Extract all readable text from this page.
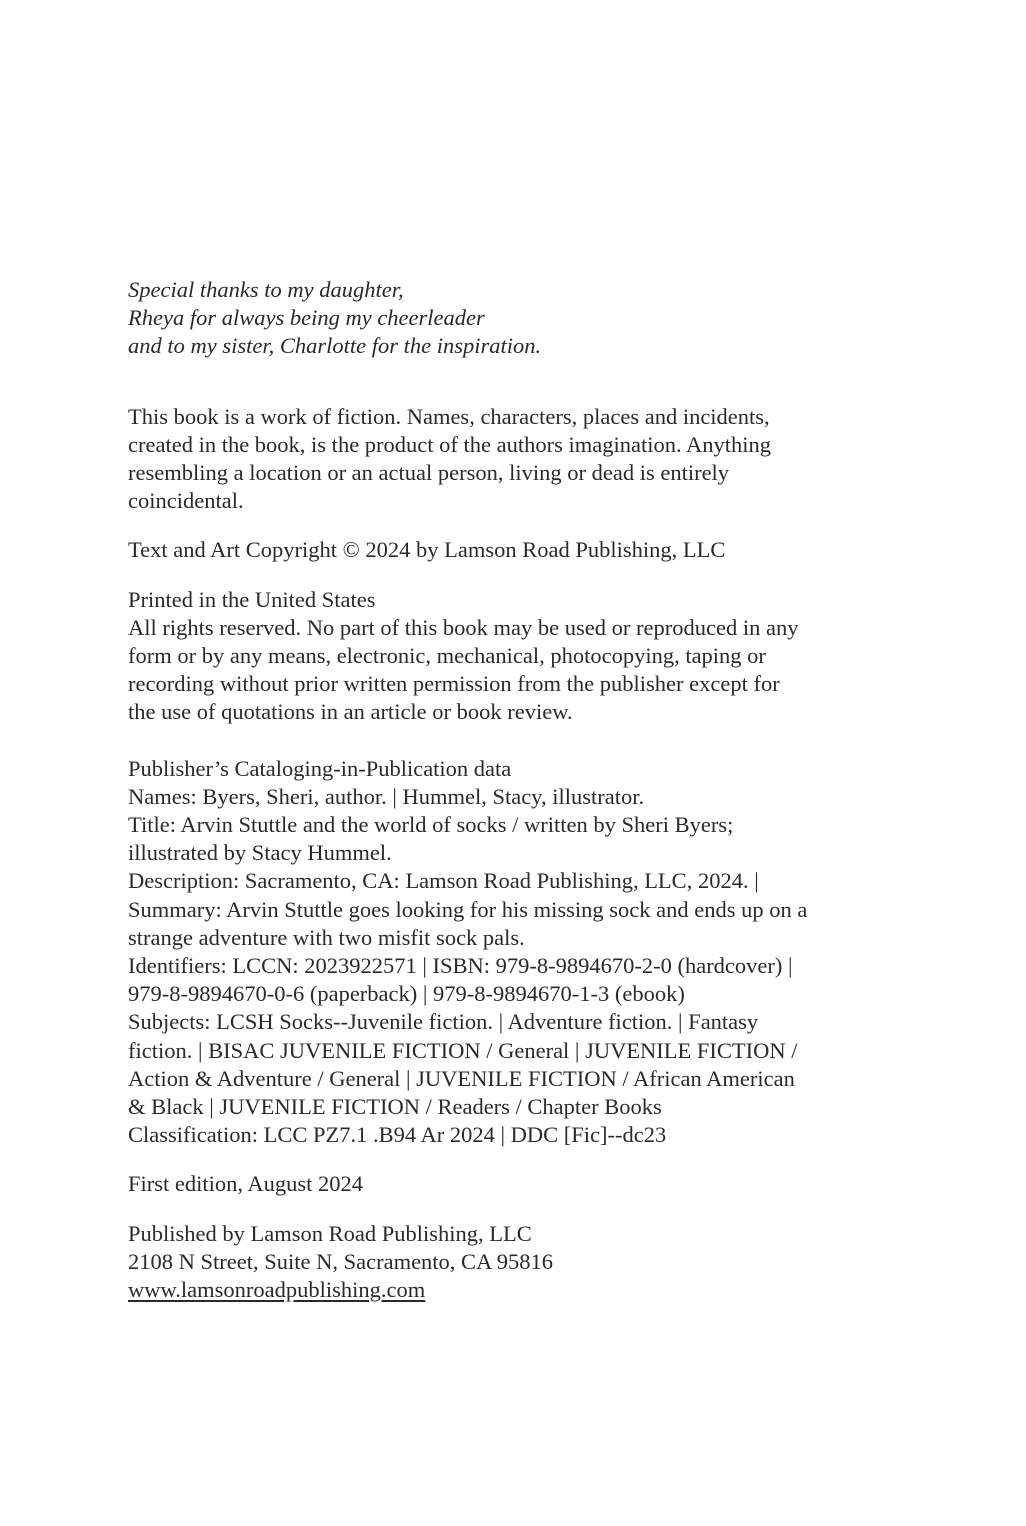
Special thanks to my daughter,
Rheya for always being my cheerleader
and to my sister, Charlotte for the inspiration.
This book is a work of fiction. Names, characters, places and incidents,
created in the book, is the product of the authors imagination. Anything
resembling a location or an actual person, living or dead is entirely
coincidental.
Text and Art Copyright © 2024 by Lamson Road Publishing, LLC
Printed in the United States
All rights reserved. No part of this book may be used or reproduced in any
form or by any means, electronic, mechanical, photocopying, taping or
recording without prior written permission from the publisher except for
the use of quotations in an article or book review.
Publisher’s Cataloging-in-Publication data
Names: Byers, Sheri, author. | Hummel, Stacy, illustrator.
Title: Arvin Stuttle and the world of socks / written by Sheri Byers;
illustrated by Stacy Hummel.
Description: Sacramento, CA: Lamson Road Publishing, LLC, 2024. |
Summary: Arvin Stuttle goes looking for his missing sock and ends up on a
strange adventure with two misfit sock pals.
Identifiers: LCCN: 2023922571 | ISBN: 979-8-9894670-2-0 (hardcover) |
979-8-9894670-0-6 (paperback) | 979-8-9894670-1-3 (ebook)
Subjects: LCSH Socks--Juvenile fiction. | Adventure fiction. | Fantasy
fiction. | BISAC JUVENILE FICTION / General | JUVENILE FICTION /
Action & Adventure / General | JUVENILE FICTION / African American
& Black | JUVENILE FICTION / Readers / Chapter Books
Classification: LCC PZ7.1 .B94 Ar 2024 | DDC [Fic]--dc23
First edition, August 2024
Published by Lamson Road Publishing, LLC
2108 N Street, Suite N, Sacramento, CA 95816
www.lamsonroadpublishing.com
